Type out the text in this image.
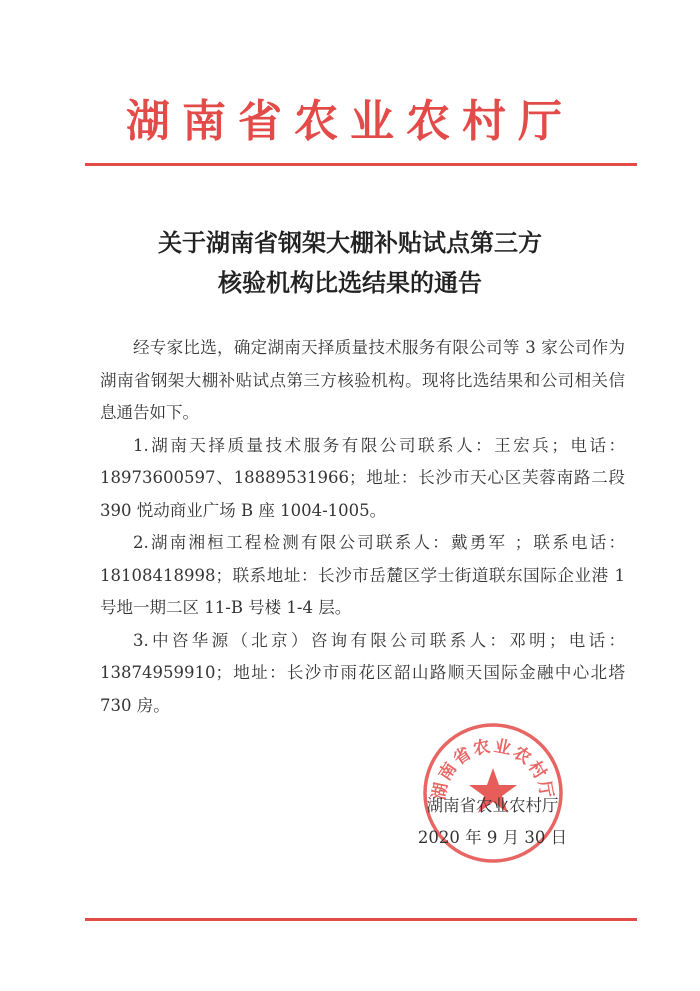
湖南省农业农村厅
关于湖南省钢架大棚补贴试点第三方
核验机构比选结果的通告

经专家比选，确定湖南天择质量技术服务有限公司等 3 家公司作为湖南省钢架大棚补贴试点第三方核验机构。现将比选结果和公司相关信息通告如下。

1.湖南天择质量技术服务有限公司联系人：王宏兵；电话：18973600597、18889531966；地址：长沙市天心区芙蓉南路二段390 悦动商业广场 B 座 1004-1005。

2.湖南湘桓工程检测有限公司联系人：戴勇军 ；联系电话：18108418998；联系地址：长沙市岳麓区学士街道联东国际企业港 1 号地一期二区 11-B 号楼 1-4 层。

3.中咨华源（北京）咨询有限公司联系人：邓明；电话：13874959910；地址：长沙市雨花区韶山路顺天国际金融中心北塔730 房。

湖南省农业农村厅
湖南省农业农村厅
2020 年 9 月 30 日
